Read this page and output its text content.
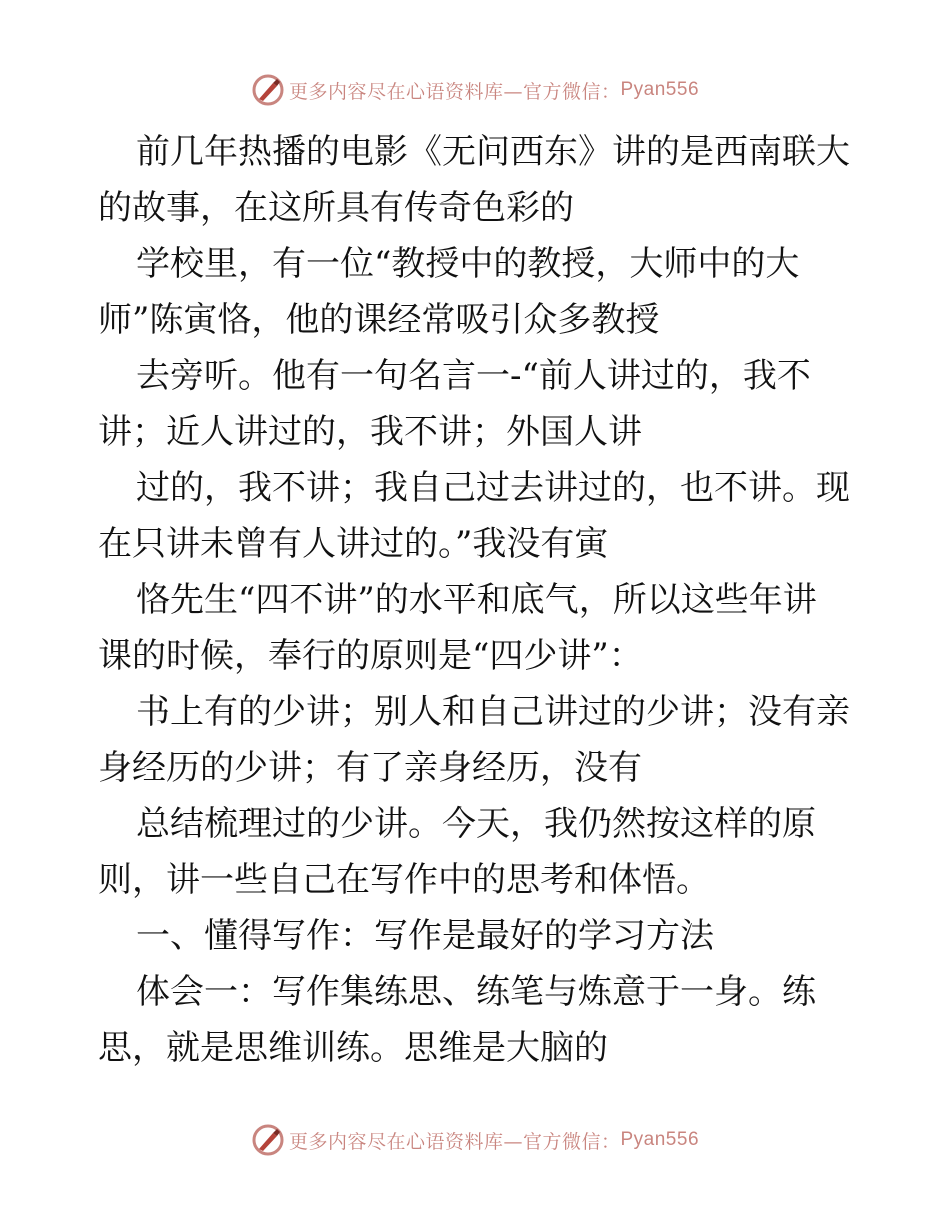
更多内容尽在心语资料库—官方微信： Pyan556

前几年热播的电影《无问西东》讲的是西南联大
的故事，在这所具有传奇色彩的

学校里，有一位“教授中的教授，大师中的大
师”陈寅恪，他的课经常吸引众多教授

去旁听。他有一句名言一-“前人讲过的，我不
讲；近人讲过的，我不讲；外国人讲

过的，我不讲；我自己过去讲过的，也不讲。现
在只讲未曾有人讲过的。”我没有寅

恪先生“四不讲”的水平和底气，所以这些年讲
课的时候，奉行的原则是“四少讲”：

书上有的少讲；别人和自己讲过的少讲；没有亲
身经历的少讲；有了亲身经历，没有

总结梳理过的少讲。今天，我仍然按这样的原
则，讲一些自己在写作中的思考和体悟。

一、懂得写作：写作是最好的学习方法

体会一：写作集练思、练笔与炼意于一身。练
思，就是思维训练。思维是大脑的

更多内容尽在心语资料库—官方微信： Pyan556
